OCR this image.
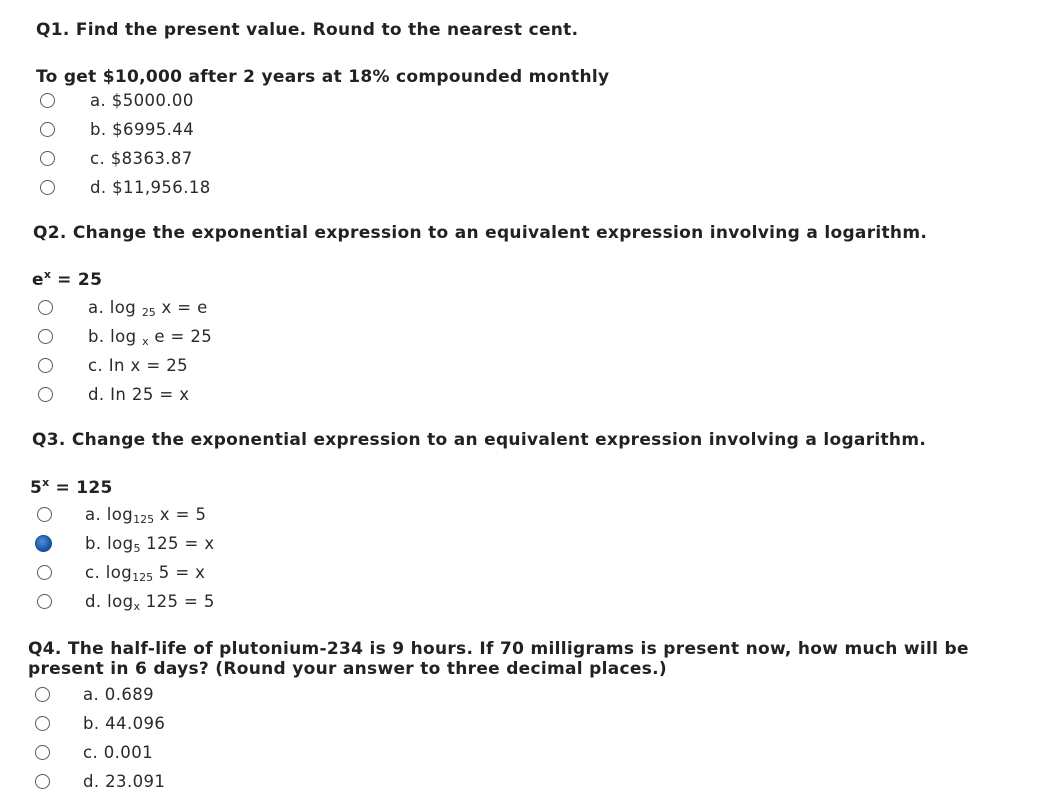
Q1. Find the present value. Round to the nearest cent.

To get $10,000 after 2 years at 18% compounded monthly

a. $5000.00
b. $6995.44
c. $8363.87
d. $11,956.18

Q2. Change the exponential expression to an equivalent expression involving a logarithm.

$e^x = 25$

a. log $_{25}$ x = e
b. log $_x$ e = 25
c. In x = 25
d. In 25 = x

Q3. Change the exponential expression to an equivalent expression involving a logarithm.

$5^x = 125$

a. $\log_{125} x = 5$
b. $\log_5 125 = x$
c. $\log_{125} 5 = x$
d. $\log_x 125 = 5$

Q4. The half-life of plutonium-234 is 9 hours. If 70 milligrams is present now, how much will be present in 6 days? (Round your answer to three decimal places.)

a. 0.689
b. 44.096
c. 0.001
d. 23.091
